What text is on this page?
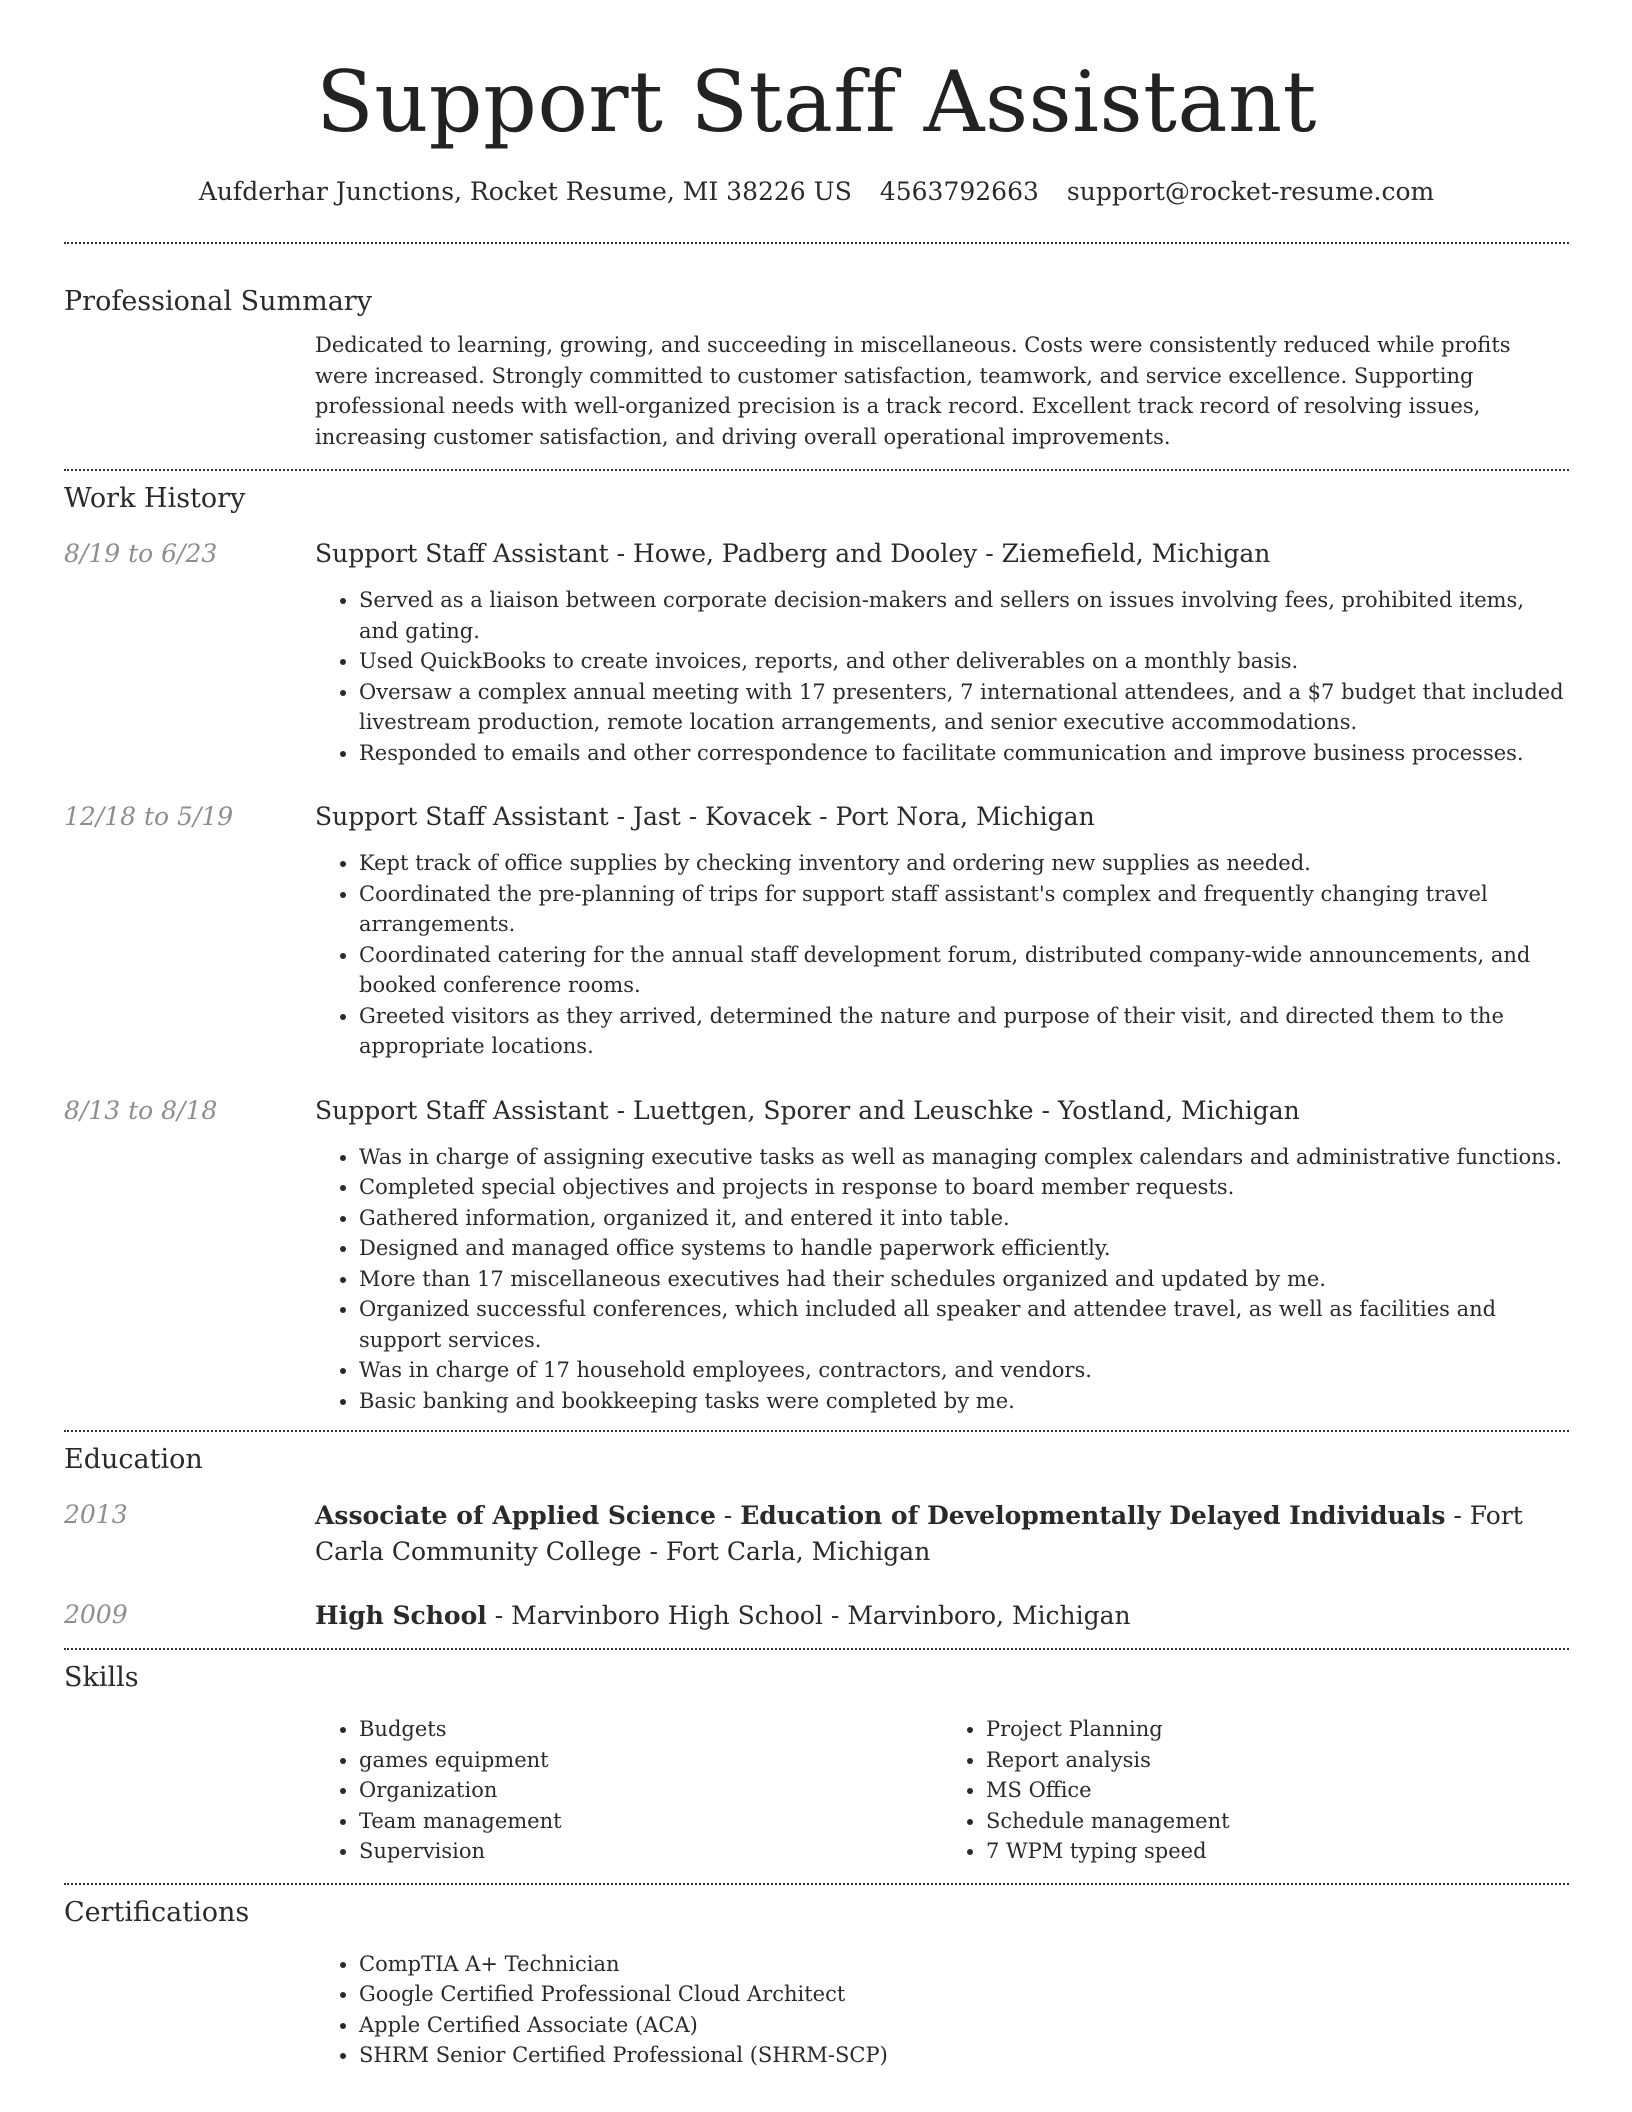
Support Staff Assistant
Aufderhar Junctions, Rocket Resume, MI 38226 US 4563792663 support@rocket-resume.com
Professional Summary

Dedicated to learning, growing, and succeeding in miscellaneous. Costs were consistently reduced while profits were increased. Strongly committed to customer satisfaction, teamwork, and service excellence. Supporting professional needs with well-organized precision is a track record. Excellent track record of resolving issues, increasing customer satisfaction, and driving overall operational improvements.

Work History
8/19 to 6/23	Support Staff Assistant - Howe, Padberg and Dooley - Ziemefield, Michigan
• Served as a liaison between corporate decision-makers and sellers on issues involving fees, prohibited items, and gating.
• Used QuickBooks to create invoices, reports, and other deliverables on a monthly basis.
• Oversaw a complex annual meeting with 17 presenters, 7 international attendees, and a $7 budget that included livestream production, remote location arrangements, and senior executive accommodations.
• Responded to emails and other correspondence to facilitate communication and improve business processes.
12/18 to 5/19	Support Staff Assistant - Jast - Kovacek - Port Nora, Michigan
• Kept track of office supplies by checking inventory and ordering new supplies as needed.
• Coordinated the pre-planning of trips for support staff assistant's complex and frequently changing travel arrangements.
• Coordinated catering for the annual staff development forum, distributed company-wide announcements, and booked conference rooms.
• Greeted visitors as they arrived, determined the nature and purpose of their visit, and directed them to the appropriate locations.
8/13 to 8/18	Support Staff Assistant - Luettgen, Sporer and Leuschke - Yostland, Michigan
• Was in charge of assigning executive tasks as well as managing complex calendars and administrative functions.
• Completed special objectives and projects in response to board member requests.
• Gathered information, organized it, and entered it into table.
• Designed and managed office systems to handle paperwork efficiently.
• More than 17 miscellaneous executives had their schedules organized and updated by me.
• Organized successful conferences, which included all speaker and attendee travel, as well as facilities and support services.
• Was in charge of 17 household employees, contractors, and vendors.
• Basic banking and bookkeeping tasks were completed by me.
Education
2013	Associate of Applied Science - Education of Developmentally Delayed Individuals - Fort Carla Community College - Fort Carla, Michigan

2009	High School - Marvinboro High School - Marvinboro, Michigan

Skills
• Budgets
• games equipment
• Organization
• Team management
• Supervision
• Project Planning
• Report analysis
• MS Office
• Schedule management
• 7 WPM typing speed
Certifications
• CompTIA A+ Technician
• Google Certified Professional Cloud Architect
• Apple Certified Associate (ACA)
• SHRM Senior Certified Professional (SHRM-SCP)
